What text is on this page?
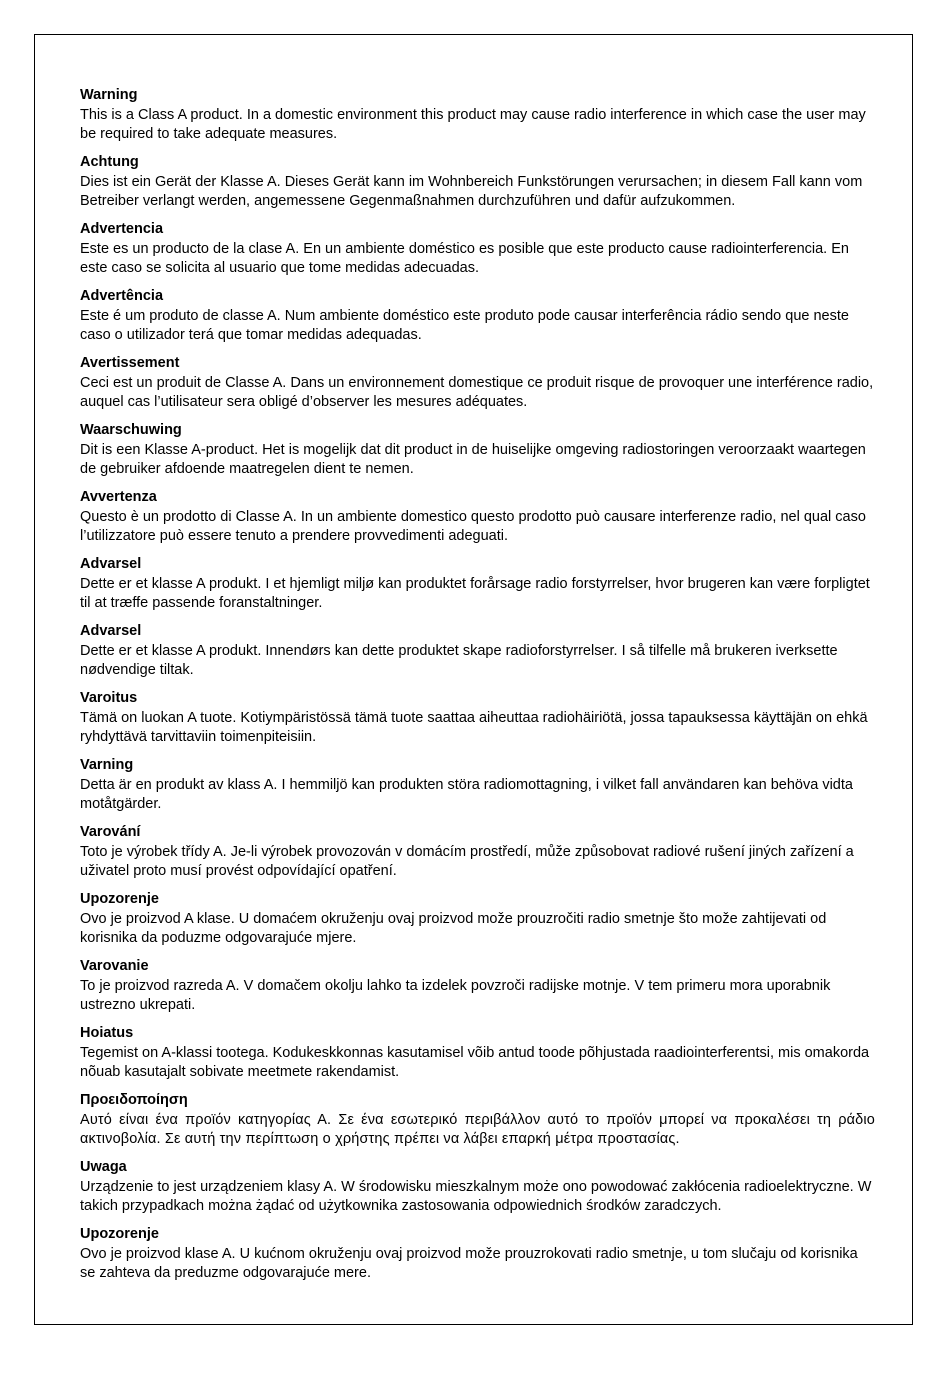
Warning

This is a Class A product. In a domestic environment this product may cause radio interference in which case the user may be required to take adequate measures.

Achtung

Dies ist ein Gerät der Klasse A. Dieses Gerät kann im Wohnbereich Funkstörungen verursachen; in diesem Fall kann vom Betreiber verlangt werden, angemessene Gegenmaßnahmen durchzuführen und dafür aufzukommen.

Advertencia

Este es un producto de la clase A. En un ambiente doméstico es posible que este producto cause radiointerferencia. En este caso se solicita al usuario que tome medidas adecuadas.

Advertência

Este é um produto de classe A. Num ambiente doméstico este produto pode causar interferência rádio sendo que neste caso o utilizador terá que tomar medidas adequadas.

Avertissement

Ceci est un produit de Classe A. Dans un environnement domestique ce produit risque de provoquer une interférence radio, auquel cas l’utilisateur sera obligé d’observer les mesures adéquates.

Waarschuwing

Dit is een Klasse A-product. Het is mogelijk dat dit product in de huiselijke omgeving radiostoringen veroorzaakt waartegen de gebruiker afdoende maatregelen dient te nemen.

Avvertenza

Questo è un prodotto di Classe A. In un ambiente domestico questo prodotto può causare interferenze radio, nel qual caso l’utilizzatore può essere tenuto a prendere provvedimenti adeguati.

Advarsel

Dette er et klasse A produkt. I et hjemligt miljø kan produktet forårsage radio forstyrrelser, hvor brugeren kan være forpligtet til at træffe passende foranstaltninger.

Advarsel

Dette er et klasse A produkt. Innendørs kan dette produktet skape radioforstyrrelser. I så tilfelle må brukeren iverksette nødvendige tiltak.

Varoitus

Tämä on luokan A tuote. Kotiympäristössä tämä tuote saattaa aiheuttaa radiohäiriötä, jossa tapauksessa käyttäjän on ehkä ryhdyttävä tarvittaviin toimenpiteisiin.

Varning

Detta är en produkt av klass A. I hemmiljö kan produkten störa radiomottagning, i vilket fall användaren kan behöva vidta motåtgärder.

Varování

Toto je výrobek třídy A. Je-li výrobek provozován v domácím prostředí, může způsobovat radiové rušení jiných zařízení a uživatel proto musí provést odpovídající opatření.

Upozorenje

Ovo je proizvod A klase. U domaćem okruženju ovaj proizvod može prouzročiti radio smetnje što može zahtijevati od korisnika da poduzme odgovarajuće mjere.

Varovanie

To je proizvod razreda A. V domačem okolju lahko ta izdelek povzroči radijske motnje. V tem primeru mora uporabnik ustrezno ukrepati.

Hoiatus

Tegemist on A-klassi tootega. Kodukeskkonnas kasutamisel võib antud toode põhjustada raadiointerferentsi, mis omakorda nõuab kasutajalt sobivate meetmete rakendamist.

Προειδοποίηση

Αυτό είναι ένα προϊόν κατηγορίας Α. Σε ένα εσωτερικό περιβάλλον αυτό το προϊόν μπορεί να προκαλέσει τη ράδιο ακτινοβολία. Σε αυτή την περίπτωση ο χρήστης πρέπει να λάβει επαρκή μέτρα προστασίας.

Uwaga

Urządzenie to jest urządzeniem klasy A. W środowisku mieszkalnym może ono powodować zakłócenia radioelektryczne. W takich przypadkach można żądać od użytkownika zastosowania odpowiednich środków zaradczych.

Upozorenje

Ovo je proizvod klase A. U kućnom okruženju ovaj proizvod može prouzrokovati radio smetnje, u tom slučaju od korisnika se zahteva da preduzme odgovarajuće mere.
